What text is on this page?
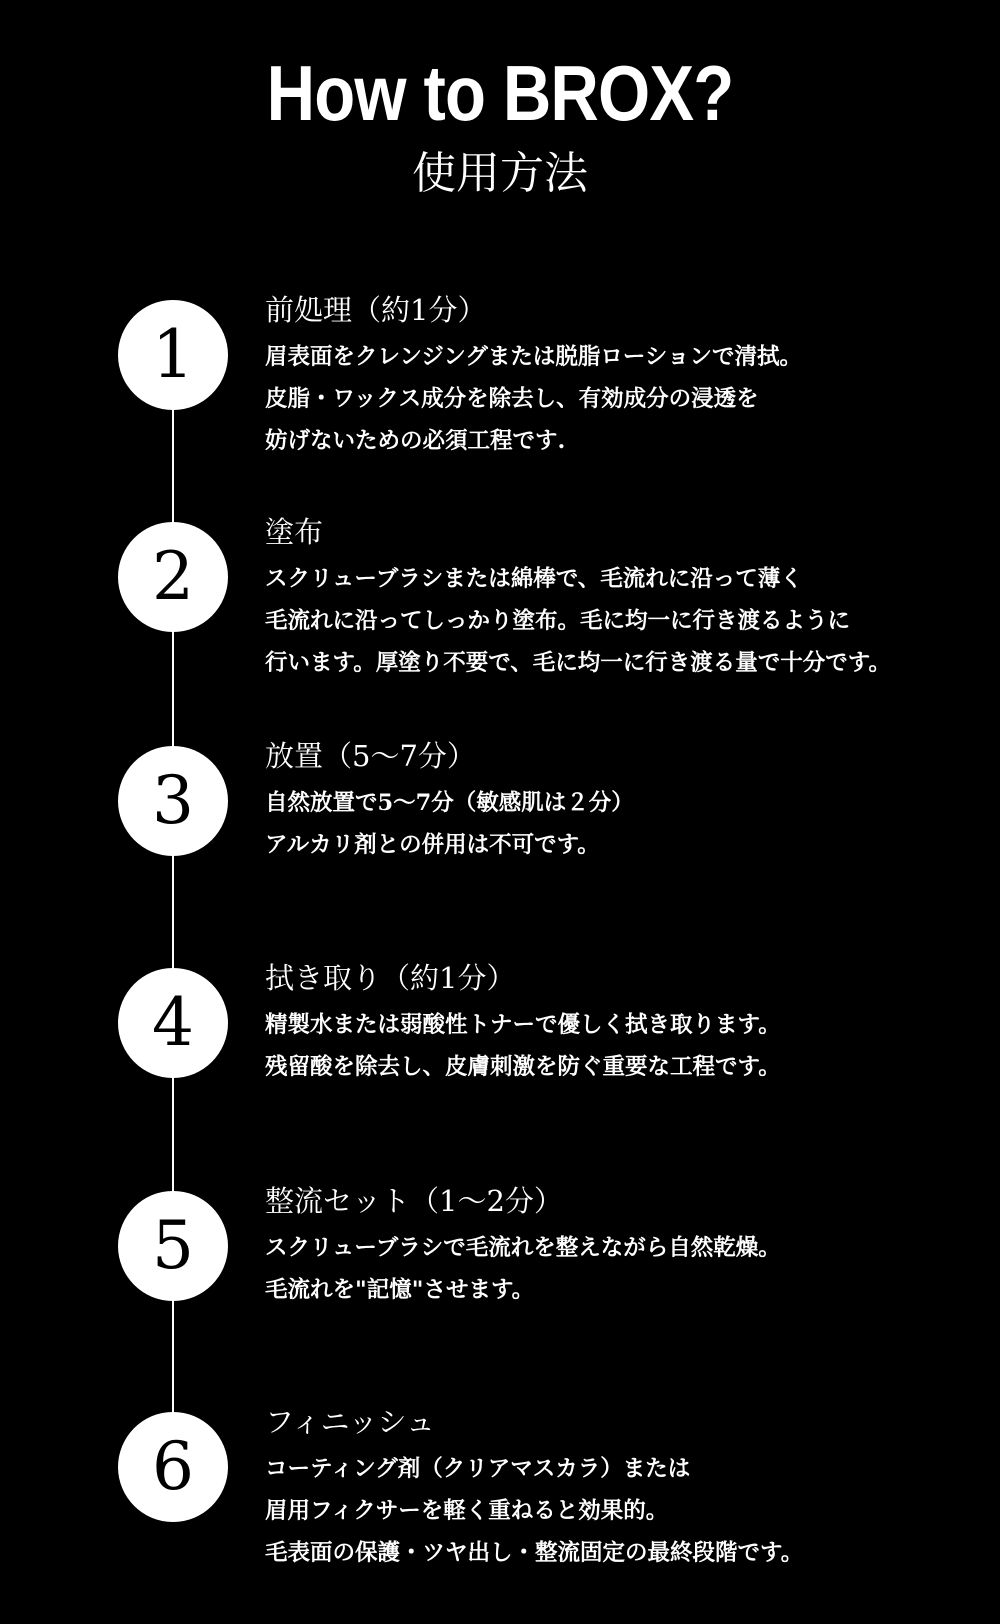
How to BROX?
使用方法
1
前処理（約1分）
眉表面をクレンジングまたは脱脂ローションで清拭。
皮脂・ワックス成分を除去し、有効成分の浸透を
妨げないための必須工程です.
2
塗布
スクリューブラシまたは綿棒で、毛流れに沿って薄く
毛流れに沿ってしっかり塗布。毛に均一に行き渡るように
行います。厚塗り不要で、毛に均一に行き渡る量で十分です。
3
放置（5〜7分）
自然放置で5〜7分（敏感肌は２分）
アルカリ剤との併用は不可です。
4
拭き取り（約1分）
精製水または弱酸性トナーで優しく拭き取ります。
残留酸を除去し、皮膚刺激を防ぐ重要な工程です。
5
整流セット（1〜2分）
スクリューブラシで毛流れを整えながら自然乾燥。
毛流れを"記憶"させます。
6
フィニッシュ
コーティング剤（クリアマスカラ）または
眉用フィクサーを軽く重ねると効果的。
毛表面の保護・ツヤ出し・整流固定の最終段階です。
